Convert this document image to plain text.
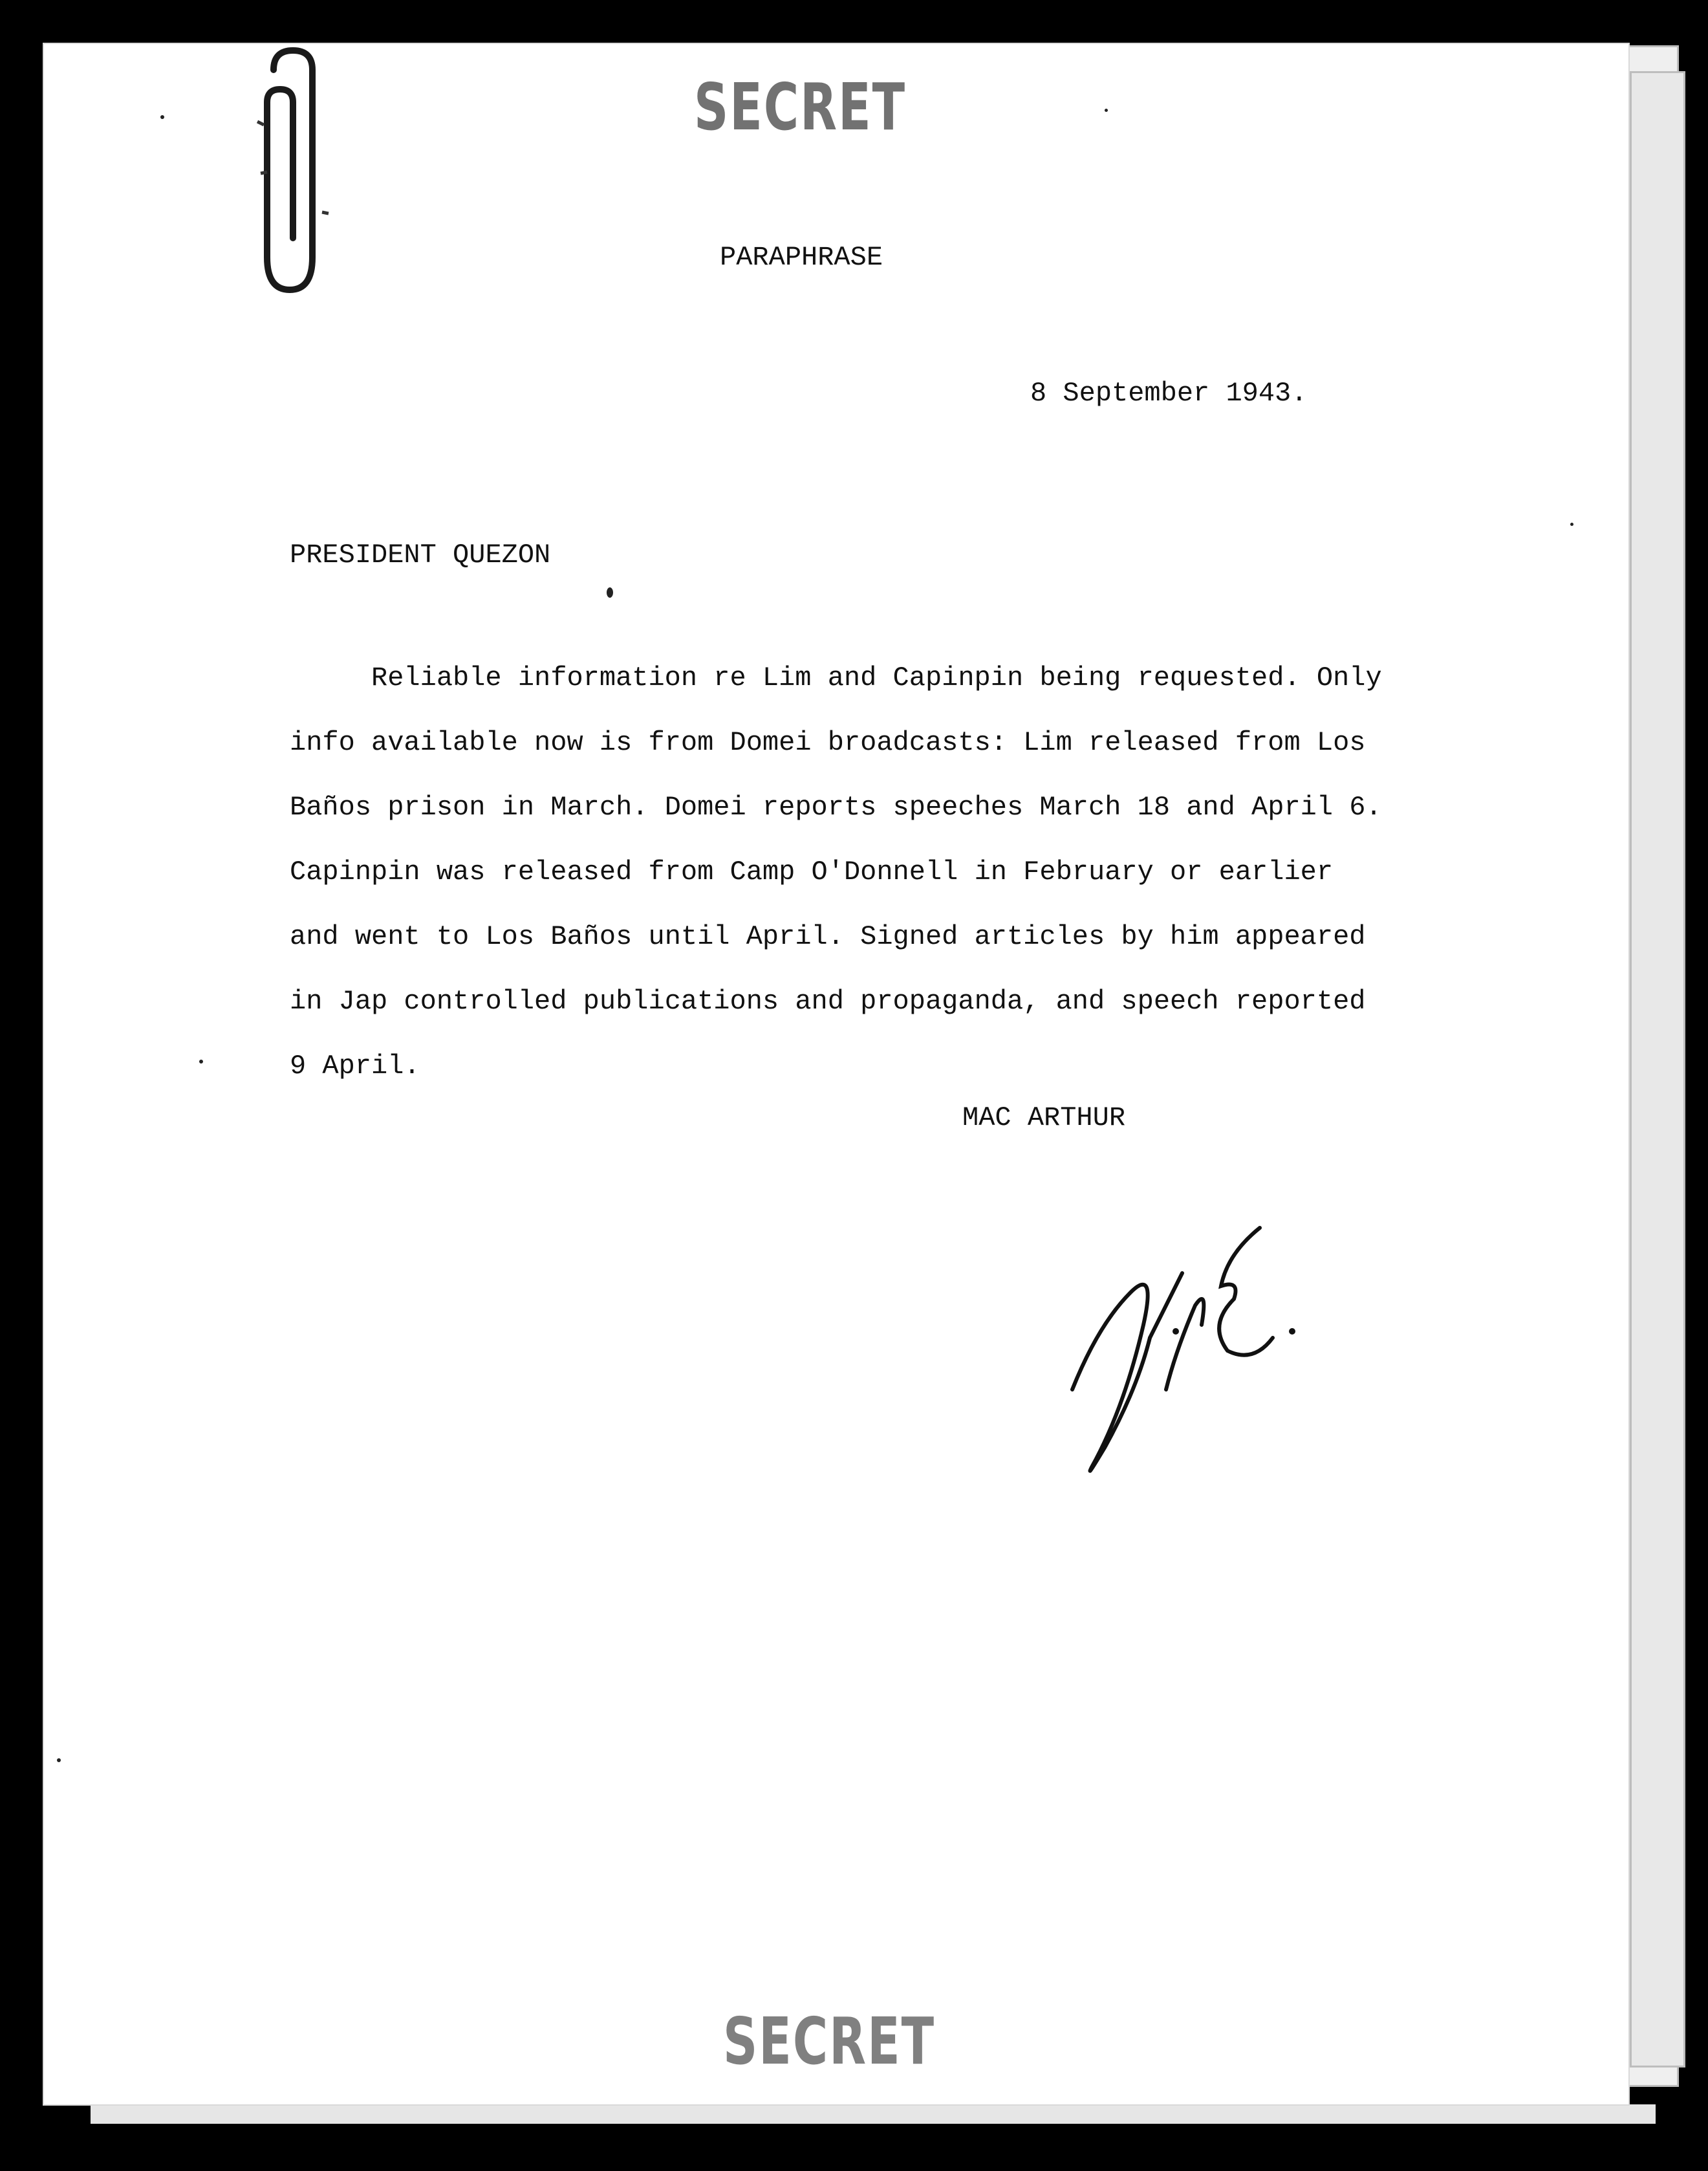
SECRET
PARAPHRASE
8 September 1943.
PRESIDENT QUEZON
Reliable information re Lim and Capinpin being requested. Only
info available now is from Domei broadcasts: Lim released from Los
Baños prison in March. Domei reports speeches March 18 and April 6.
Capinpin was released from Camp O'Donnell in February or earlier
and went to Los Baños until April. Signed articles by him appeared
in Jap controlled publications and propaganda, and speech reported
9 April.
MAC ARTHUR
SECRET
